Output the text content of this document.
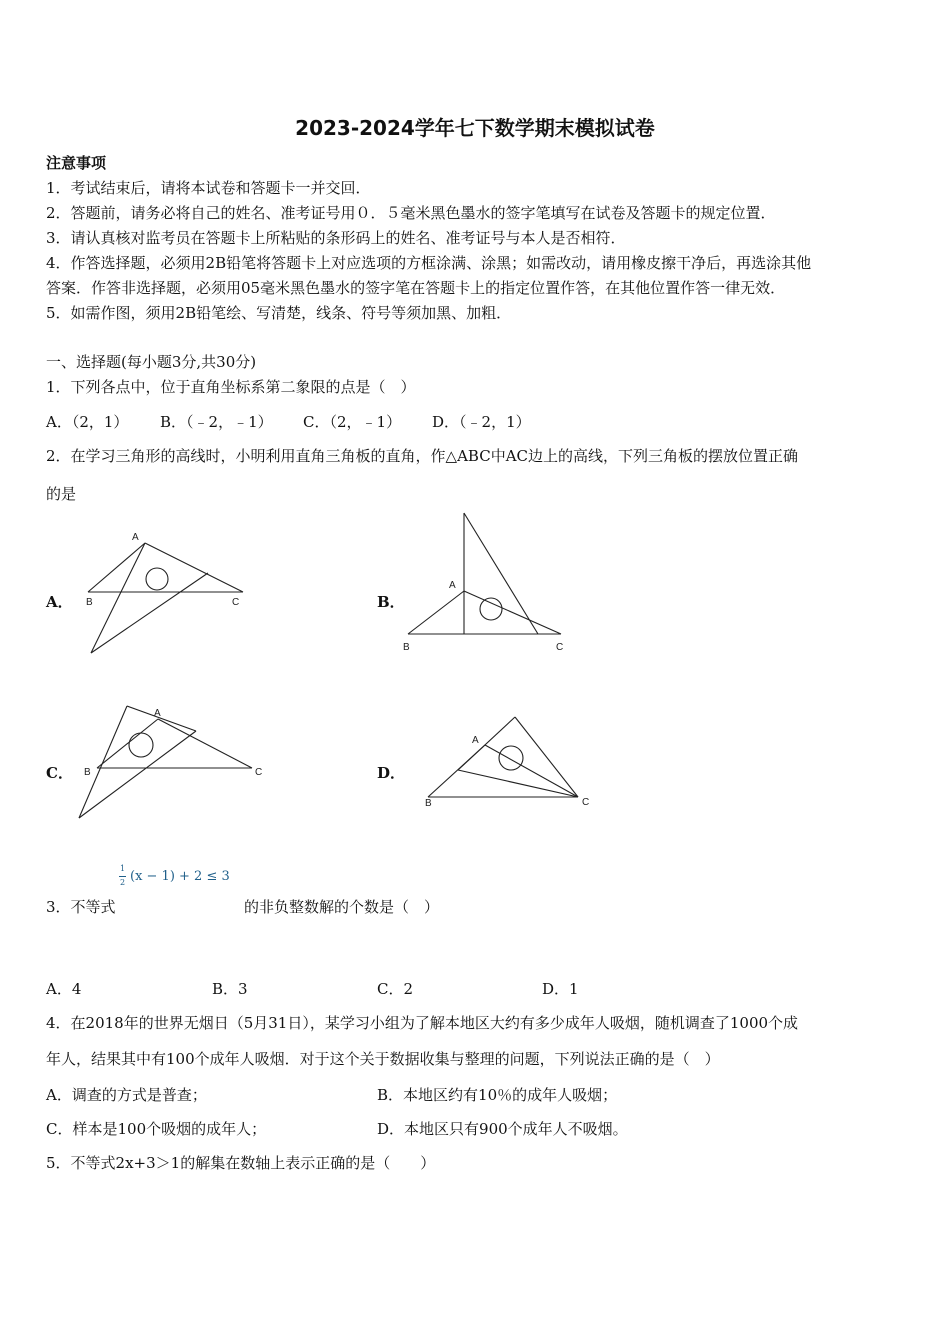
2023-2024学年七下数学期末模拟试卷
注意事项
1．考试结束后，请将本试卷和答题卡一并交回．
2．答题前，请务必将自己的姓名、准考证号用０．５毫米黑色墨水的签字笔填写在试卷及答题卡的规定位置．
3．请认真核对监考员在答题卡上所粘贴的条形码上的姓名、准考证号与本人是否相符．
4．作答选择题，必须用2B铅笔将答题卡上对应选项的方框涂满、涂黑；如需改动，请用橡皮擦干净后，再选涂其他
答案．作答非选择题，必须用05毫米黑色墨水的签字笔在答题卡上的指定位置作答，在其他位置作答一律无效．
5．如需作图，须用2B铅笔绘、写清楚，线条、符号等须加黑、加粗．
一、选择题(每小题3分,共30分)
1．下列各点中，位于直角坐标系第二象限的点是（　）
A．（2，1） B．（﹣2，﹣1） C．（2，﹣1） D．（﹣2，1）
2．在学习三角形的高线时，小明利用直角三角板的直角，作△ABC中AC边上的高线，下列三角板的摆放位置正确
的是
A．	B．
C．	D．
A
B	C
A
B	C
A
B	C
A
B	C
1
2 (x − 1) + 2 ≤ 3
3．不等式	的非负整数解的个数是（　）
A．4	B．3	C．2	D．1
4．在2018年的世界无烟日（5月31日），某学习小组为了解本地区大约有多少成年人吸烟，随机调查了1000个成
年人，结果其中有100个成年人吸烟．对于这个关于数据收集与整理的问题，下列说法正确的是（　）
A．调查的方式是普查；	B．本地区约有10％的成年人吸烟；
C．样本是100个吸烟的成年人；	D．本地区只有900个成年人不吸烟。
5．不等式2x+3＞1的解集在数轴上表示正确的是（　　）
